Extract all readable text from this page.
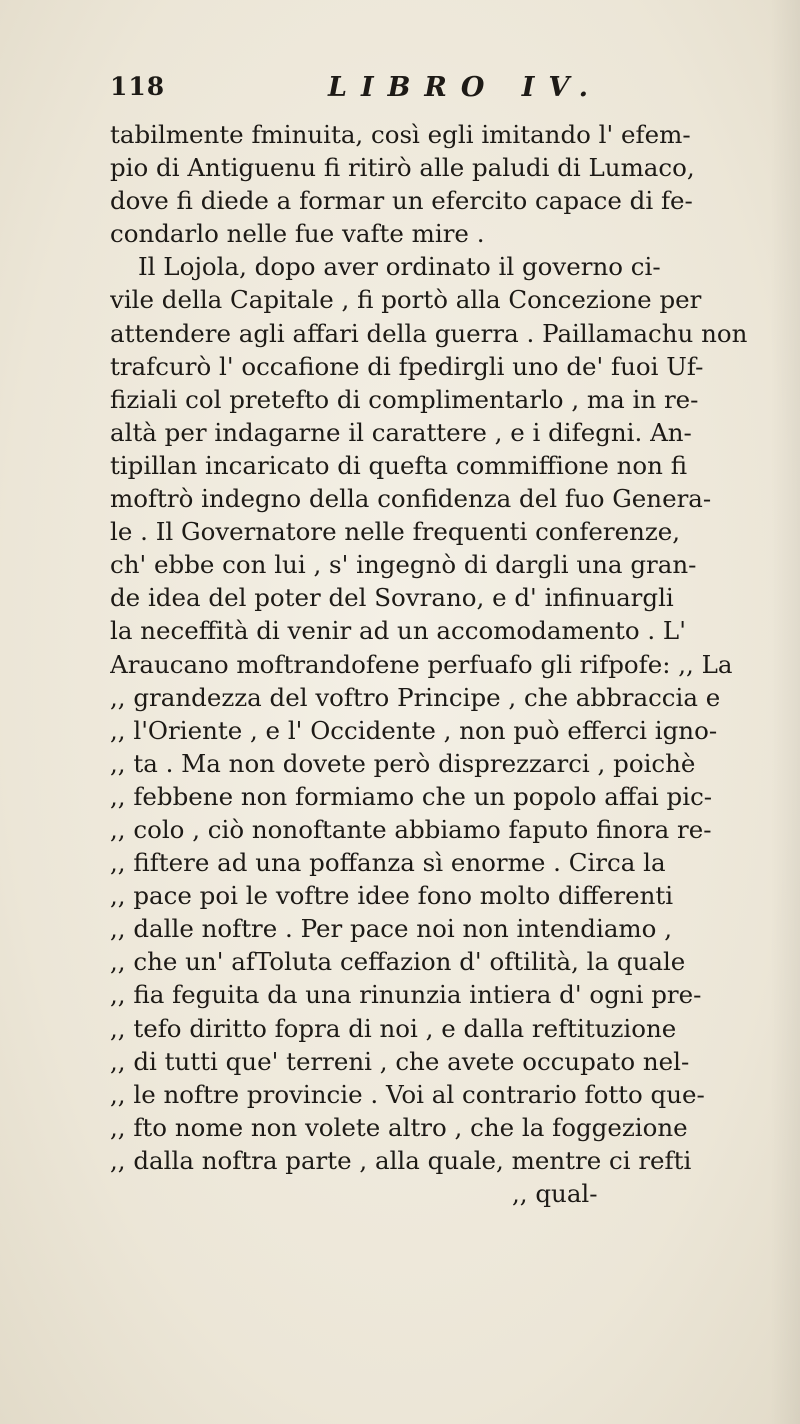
118	LIBRO IV.
tabilmente fminuita, così egli imitando l' efem-
pio di Antiguenu fi ritirò alle paludi di Lumaco,
dove fi diede a formar un efercito capace di fe-
condarlo nelle fue vafte mire .
Il Lojola, dopo aver ordinato il governo ci-
vile della Capitale , fi portò alla Concezione per
attendere agli affari della guerra . Paillamachu non
trafcurò l' occafione di fpedirgli uno de' fuoi Uf-
fiziali col pretefto di complimentarlo , ma in re-
altà per indagarne il carattere , e i difegni. An-
tipillan incaricato di quefta commiffione non fi
moftrò indegno della confidenza del fuo Genera-
le . Il Governatore nelle frequenti conferenze,
ch' ebbe con lui , s' ingegnò di dargli una gran-
de idea del poter del Sovrano, e d' infinuargli
la neceffità di venir ad un accomodamento . L'
Araucano moftrandofene perfuafo gli rifpofe: ,, La
,, grandezza del voftro Principe , che abbraccia e
,, l'Oriente , e l' Occidente , non può efferci igno-
,, ta . Ma non dovete però disprezzarci , poichè
,, febbene non formiamo che un popolo affai pic-
,, colo , ciò nonoftante abbiamo faputo finora re-
,, fiftere ad una poffanza sì enorme . Circa la
,, pace poi le voftre idee fono molto differenti
,, dalle noftre . Per pace noi non intendiamo ,
,, che un' afToluta ceffazion d' oftilità, la quale
,, fia feguita da una rinunzia intiera d' ogni pre-
,, tefo diritto fopra di noi , e dalla reftituzione
,, di tutti que' terreni , che avete occupato nel-
,, le noftre provincie . Voi al contrario fotto que-
,, fto nome non volete altro , che la foggezione
,, dalla noftra parte , alla quale, mentre ci refti
,, qual-
